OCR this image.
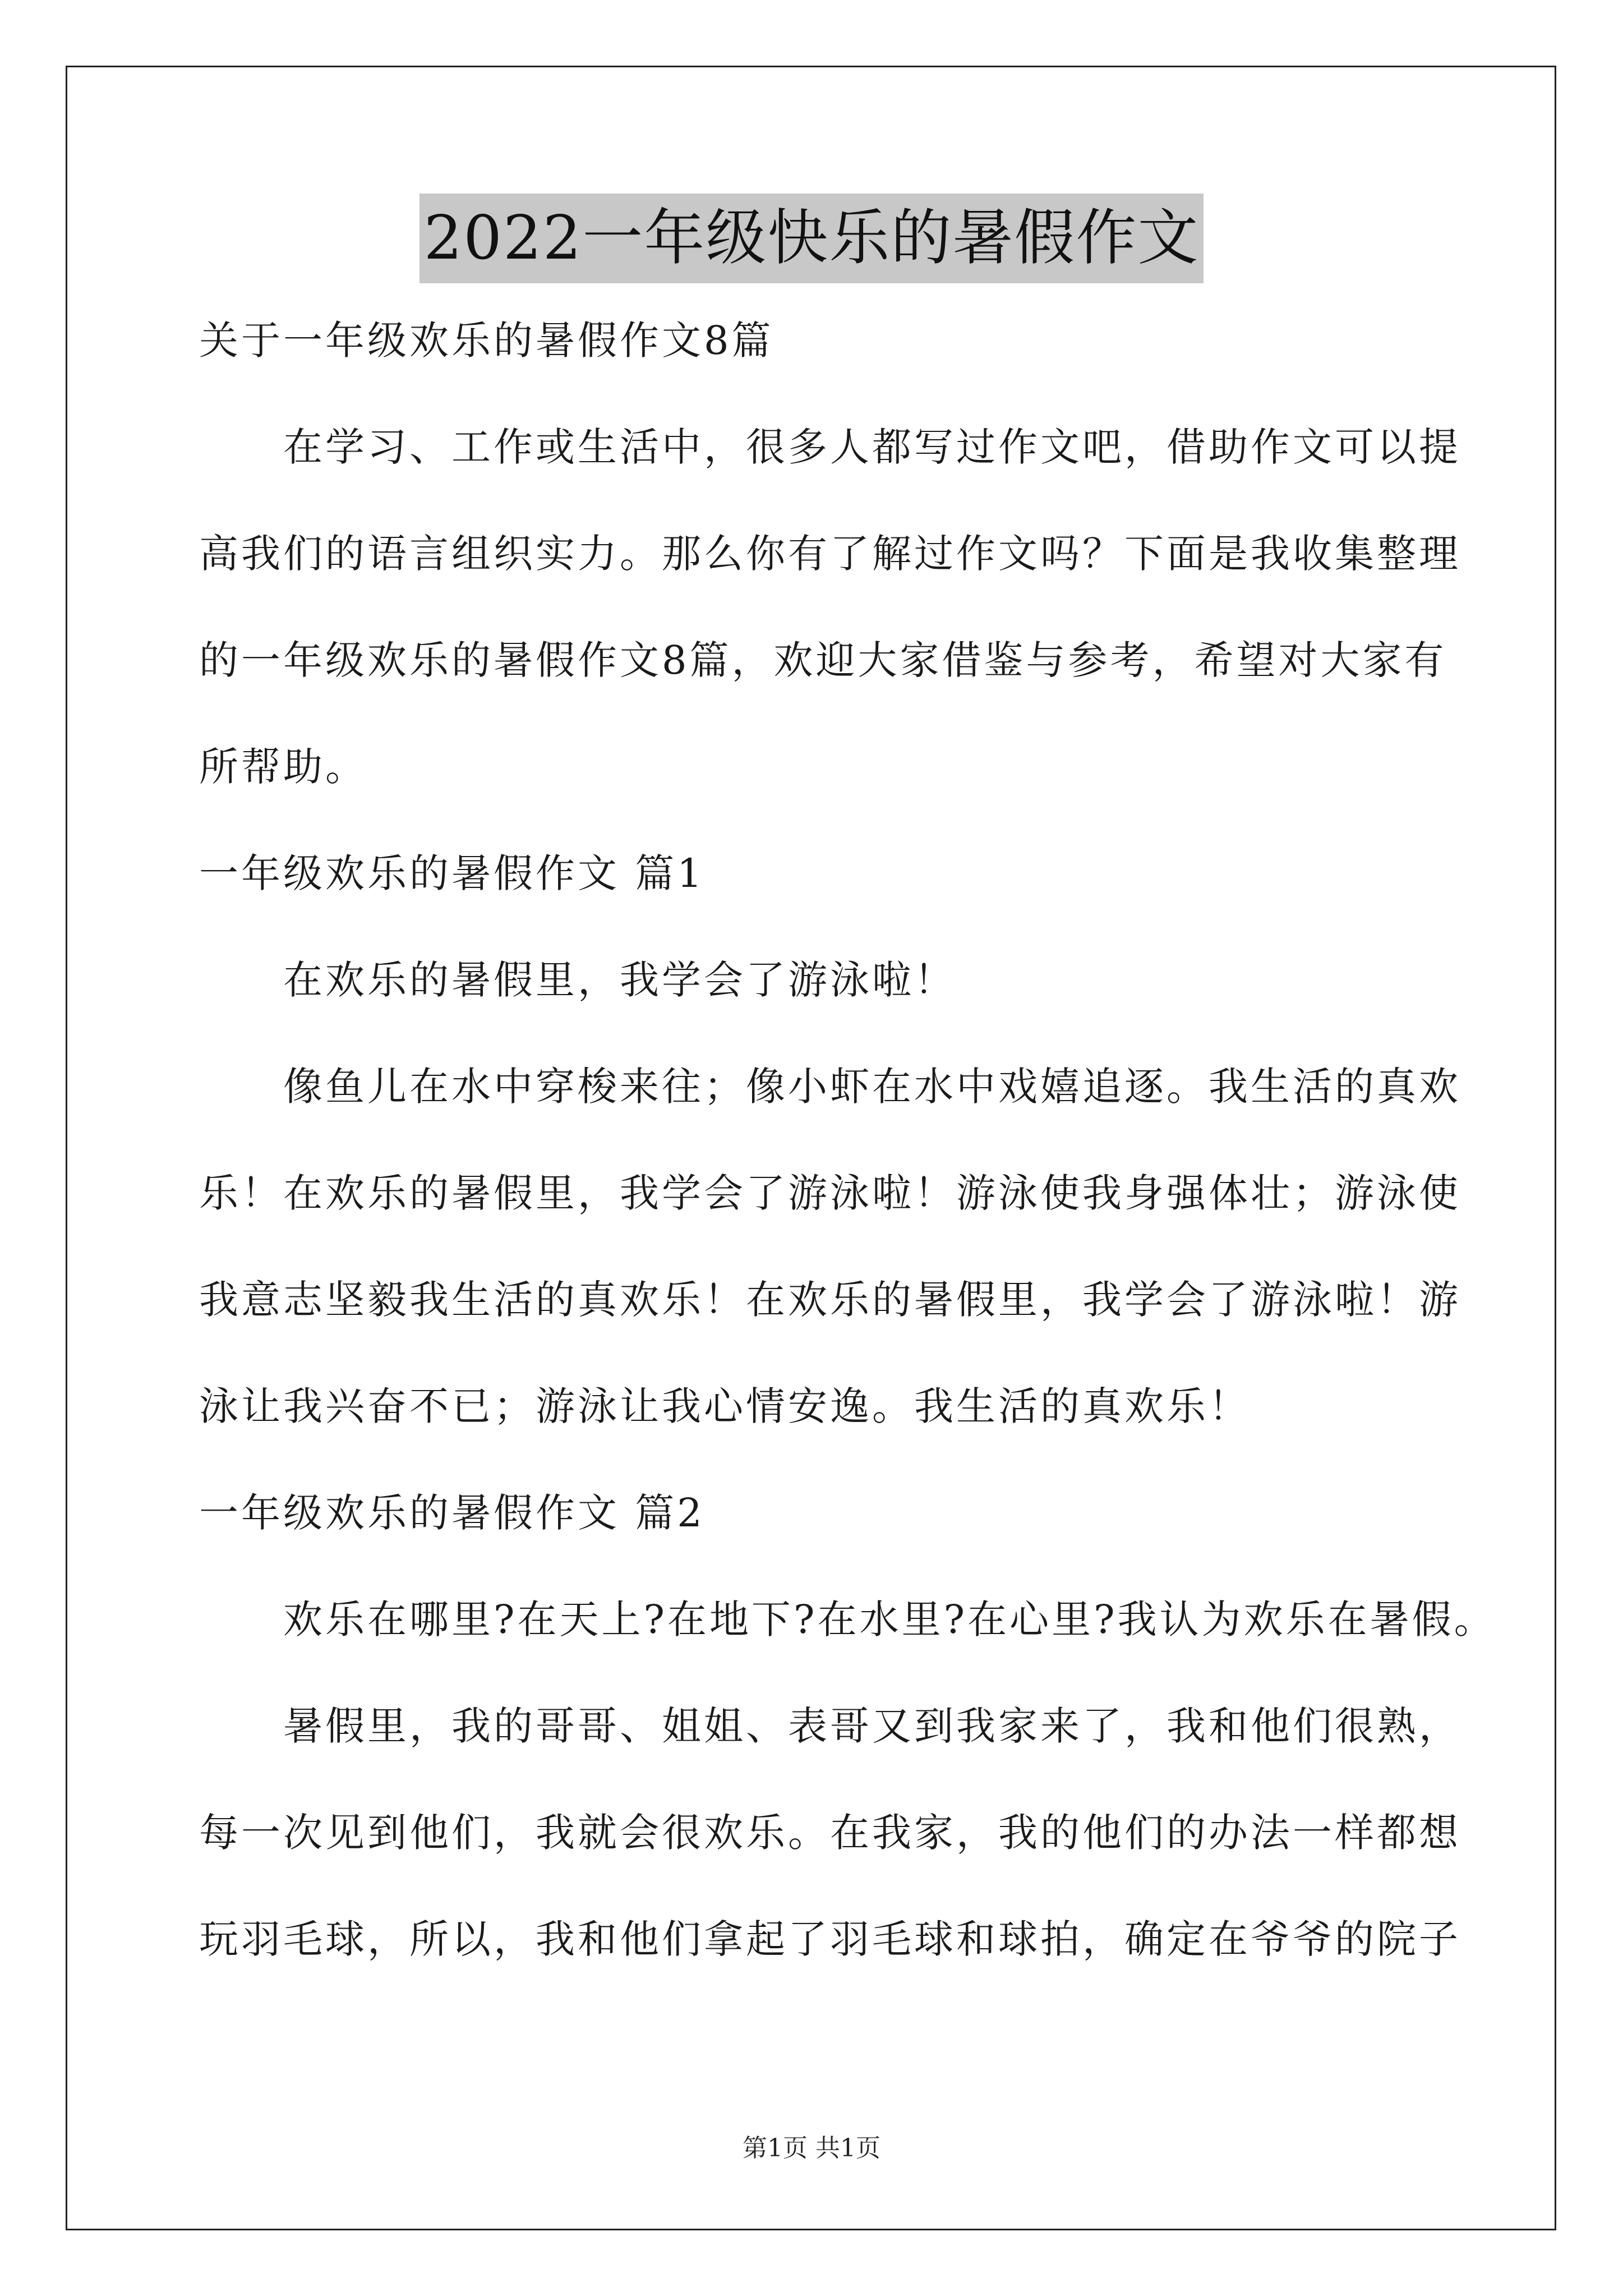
2022一年级快乐的暑假作文
关于一年级欢乐的暑假作文8篇
在学习、工作或生活中，很多人都写过作文吧，借助作文可以提
高我们的语言组织实力。那么你有了解过作文吗？下面是我收集整理
的一年级欢乐的暑假作文8篇，欢迎大家借鉴与参考，希望对大家有
所帮助。
一年级欢乐的暑假作文 篇1
在欢乐的暑假里，我学会了游泳啦！
像鱼儿在水中穿梭来往；像小虾在水中戏嬉追逐。我生活的真欢
乐！在欢乐的暑假里，我学会了游泳啦！游泳使我身强体壮；游泳使
我意志坚毅我生活的真欢乐！在欢乐的暑假里，我学会了游泳啦！游
泳让我兴奋不已；游泳让我心情安逸。我生活的真欢乐！
一年级欢乐的暑假作文 篇2
欢乐在哪里?在天上?在地下?在水里?在心里?我认为欢乐在暑假。
暑假里，我的哥哥、姐姐、表哥又到我家来了，我和他们很熟，
每一次见到他们，我就会很欢乐。在我家，我的他们的办法一样都想
玩羽毛球，所以，我和他们拿起了羽毛球和球拍，确定在爷爷的院子
第1页 共1页
